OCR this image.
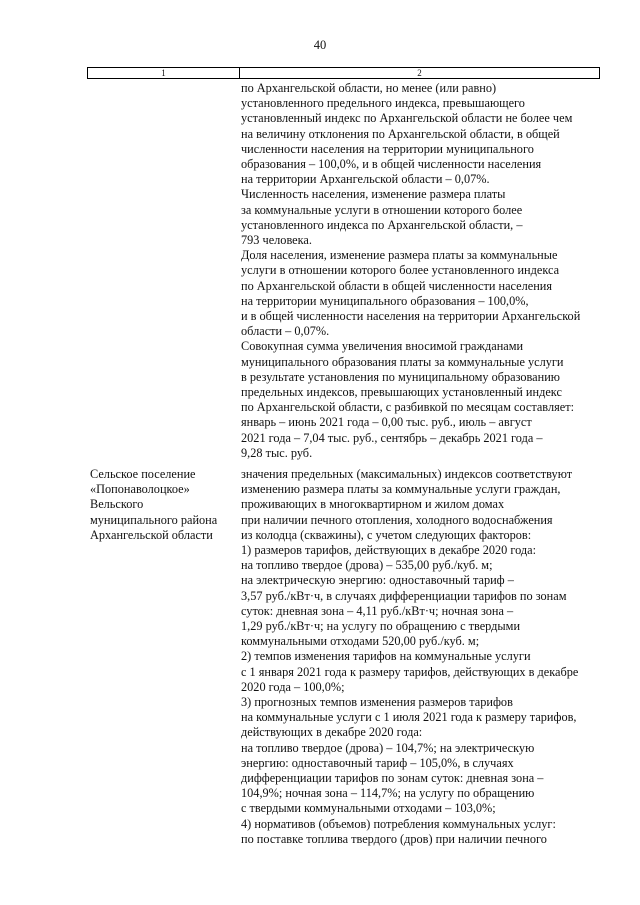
40
1	2
по Архангельской области, но менее (или равно)
установленного предельного индекса, превышающего
установленный индекс по Архангельской области не более чем
на величину отклонения по Архангельской области, в общей
численности населения на территории муниципального
образования – 100,0%, и в общей численности населения
на территории Архангельской области – 0,07%.
Численность населения, изменение размера платы
за коммунальные услуги в отношении которого более
установленного индекса по Архангельской области, –
793 человека.
Доля населения, изменение размера платы за коммунальные
услуги в отношении которого более установленного индекса
по Архангельской области в общей численности населения
на территории муниципального образования – 100,0%,
и в общей численности населения на территории Архангельской
области – 0,07%.
Совокупная сумма увеличения вносимой гражданами
муниципального образования платы за коммунальные услуги
в результате установления по муниципальному образованию
предельных индексов, превышающих установленный индекс
по Архангельской области, с разбивкой по месяцам составляет:
январь – июнь 2021 года – 0,00 тыс. руб., июль – август
2021 года – 7,04 тыс. руб., сентябрь – декабрь 2021 года –
9,28 тыс. руб.
Сельское поселение
«Попонаволоцкое»
Вельского
муниципального района
Архангельской области
значения предельных (максимальных) индексов соответствуют
изменению размера платы за коммунальные услуги граждан,
проживающих в многоквартирном и жилом домах
при наличии печного отопления, холодного водоснабжения
из колодца (скважины), с учетом следующих факторов:
1) размеров тарифов, действующих в декабре 2020 года:
на топливо твердое (дрова) – 535,00 руб./куб. м;
на электрическую энергию: одноставочный тариф –
3,57 руб./кВт·ч, в случаях дифференциации тарифов по зонам
суток: дневная зона – 4,11 руб./кВт·ч; ночная зона –
1,29 руб./кВт·ч; на услугу по обращению с твердыми
коммунальными отходами 520,00 руб./куб. м;
2) темпов изменения тарифов на коммунальные услуги
с 1 января 2021 года к размеру тарифов, действующих в декабре
2020 года – 100,0%;
3) прогнозных темпов изменения размеров тарифов
на коммунальные услуги с 1 июля 2021 года к размеру тарифов,
действующих в декабре 2020 года:
на топливо твердое (дрова) – 104,7%; на электрическую
энергию: одноставочный тариф – 105,0%, в случаях
дифференциации тарифов по зонам суток: дневная зона –
104,9%; ночная зона – 114,7%; на услугу по обращению
с твердыми коммунальными отходами – 103,0%;
4) нормативов (объемов) потребления коммунальных услуг:
по поставке топлива твердого (дров) при наличии печного
